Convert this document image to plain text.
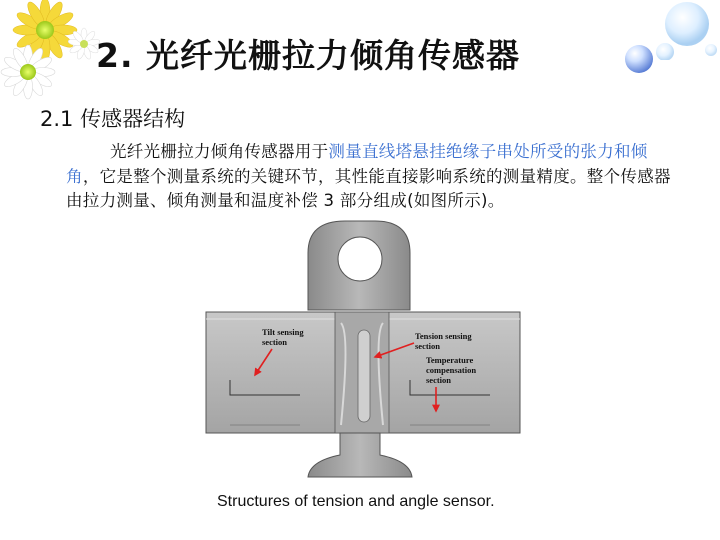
2. 光纤光栅拉力倾角传感器
2.1 传感器结构
光纤光栅拉力倾角传感器用于测量直线塔悬挂绝缘子串处所受的张力和倾角，它是整个测量系统的关键环节，其性能直接影响系统的测量精度。整个传感器由拉力测量、倾角测量和温度补偿 3 部分组成(如图所示)。
Tilt sensing
section
Tension sensing
section
Temperature
compensation
section
Structures of tension and angle sensor.
